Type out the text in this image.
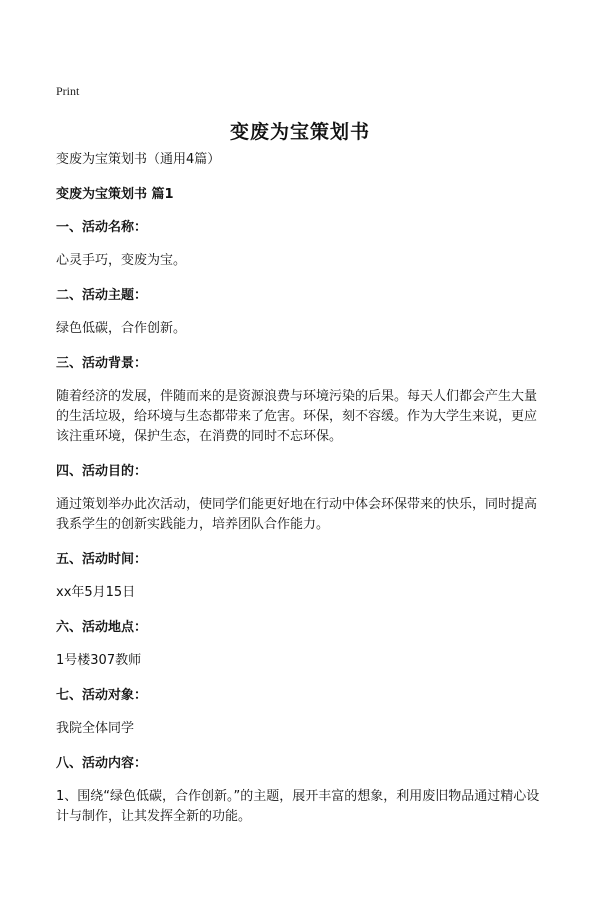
Print
变废为宝策划书

变废为宝策划书（通用4篇）

变废为宝策划书 篇1

一、活动名称：

心灵手巧，变废为宝。

二、活动主题：

绿色低碳，合作创新。

三、活动背景：

随着经济的发展，伴随而来的是资源浪费与环境污染的后果。每天人们都会产生大量的生活垃圾，给环境与生态都带来了危害。环保，刻不容缓。作为大学生来说，更应该注重环境，保护生态，在消费的同时不忘环保。

四、活动目的：

通过策划举办此次活动，使同学们能更好地在行动中体会环保带来的快乐，同时提高我系学生的创新实践能力，培养团队合作能力。

五、活动时间：

xx年5月15日

六、活动地点：

1号楼307教师

七、活动对象：

我院全体同学

八、活动内容：

1、围绕“绿色低碳，合作创新。”的主题，展开丰富的想象，利用废旧物品通过精心设计与制作，让其发挥全新的功能。
